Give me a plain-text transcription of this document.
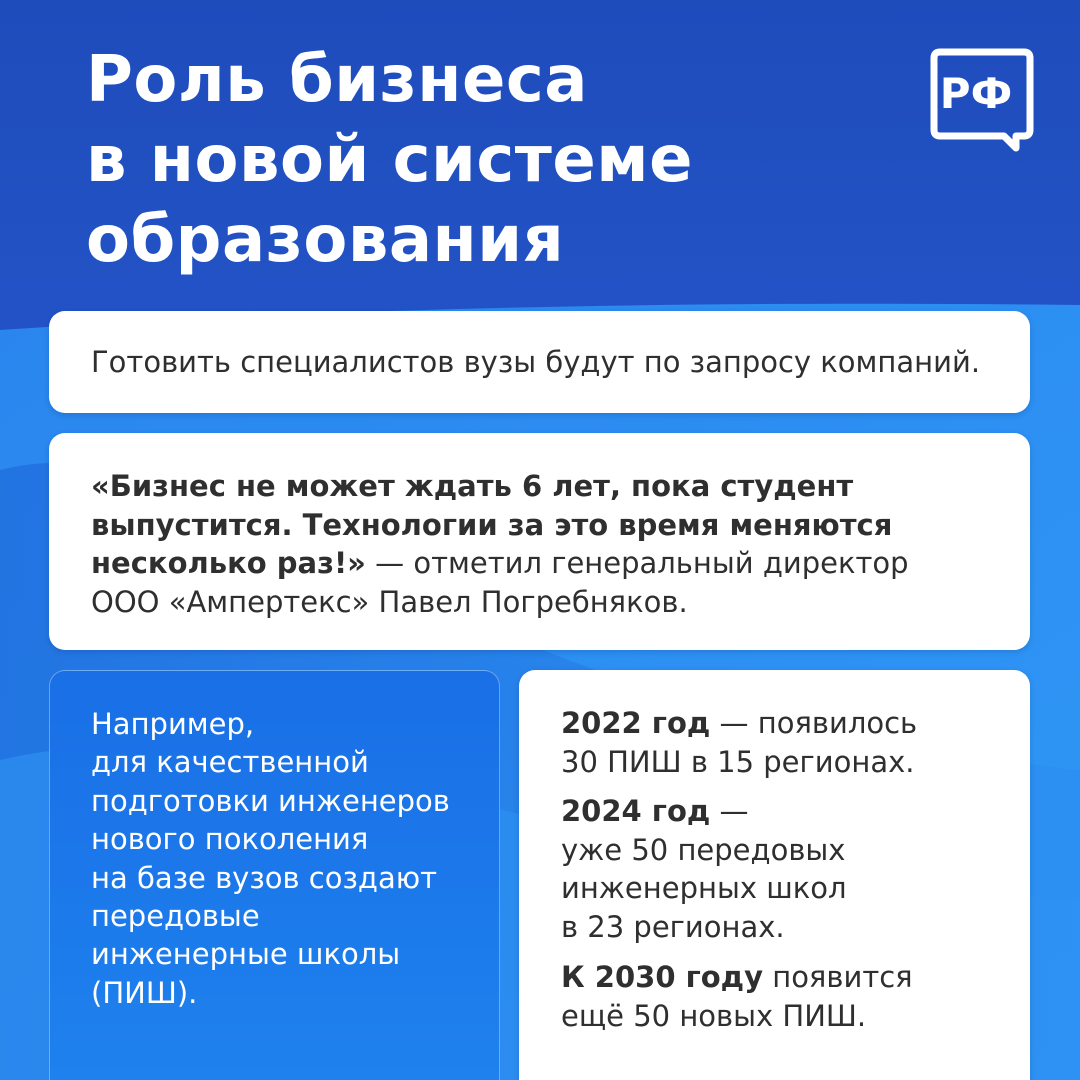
Роль бизнеса
в новой системе
образования
РФ
Готовить специалистов вузы будут по запросу компаний.
«Бизнес не может ждать 6 лет, пока студент
выпустится. Технологии за это время меняются
несколько раз!» — отметил генеральный директор
ООО «Ампертекс» Павел Погребняков.
Например,
для качественной
подготовки инженеров
нового поколения
на базе вузов создают
передовые
инженерные школы
(ПИШ).
2022 год — появилось
30 ПИШ в 15 регионах.
2024 год —
уже 50 передовых
инженерных школ
в 23 регионах.
К 2030 году появится
ещё 50 новых ПИШ.
